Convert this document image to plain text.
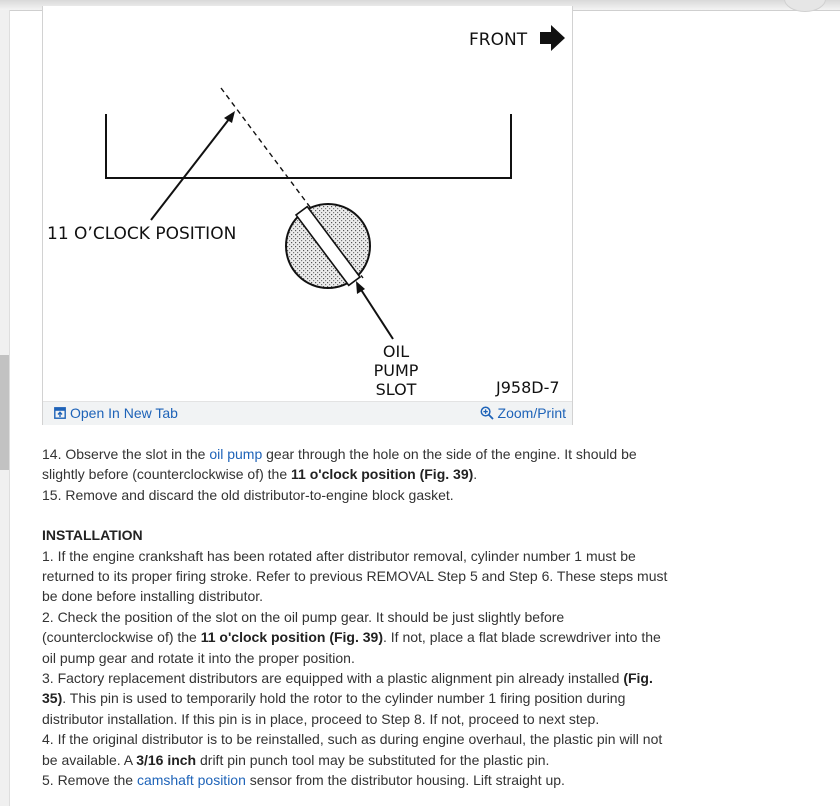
FRONT
11 O’CLOCK POSITION
OIL
PUMP
SLOT	J958D-7
Open In New Tab	Zoom/Print

14. Observe the slot in the oil pump gear through the hole on the side of the engine. It should be slightly before (counterclockwise of) the 11 o'clock position (Fig. 39).

15. Remove and discard the old distributor-to-engine block gasket.

INSTALLATION

1. If the engine crankshaft has been rotated after distributor removal, cylinder number 1 must be returned to its proper firing stroke. Refer to previous REMOVAL Step 5 and Step 6. These steps must be done before installing distributor.

2. Check the position of the slot on the oil pump gear. It should be just slightly before (counterclockwise of) the 11 o'clock position (Fig. 39). If not, place a flat blade screwdriver into the oil pump gear and rotate it into the proper position.

3. Factory replacement distributors are equipped with a plastic alignment pin already installed (Fig. 35). This pin is used to temporarily hold the rotor to the cylinder number 1 firing position during distributor installation. If this pin is in place, proceed to Step 8. If not, proceed to next step.

4. If the original distributor is to be reinstalled, such as during engine overhaul, the plastic pin will not be available. A 3/16 inch drift pin punch tool may be substituted for the plastic pin.

5. Remove the camshaft position sensor from the distributor housing. Lift straight up.
